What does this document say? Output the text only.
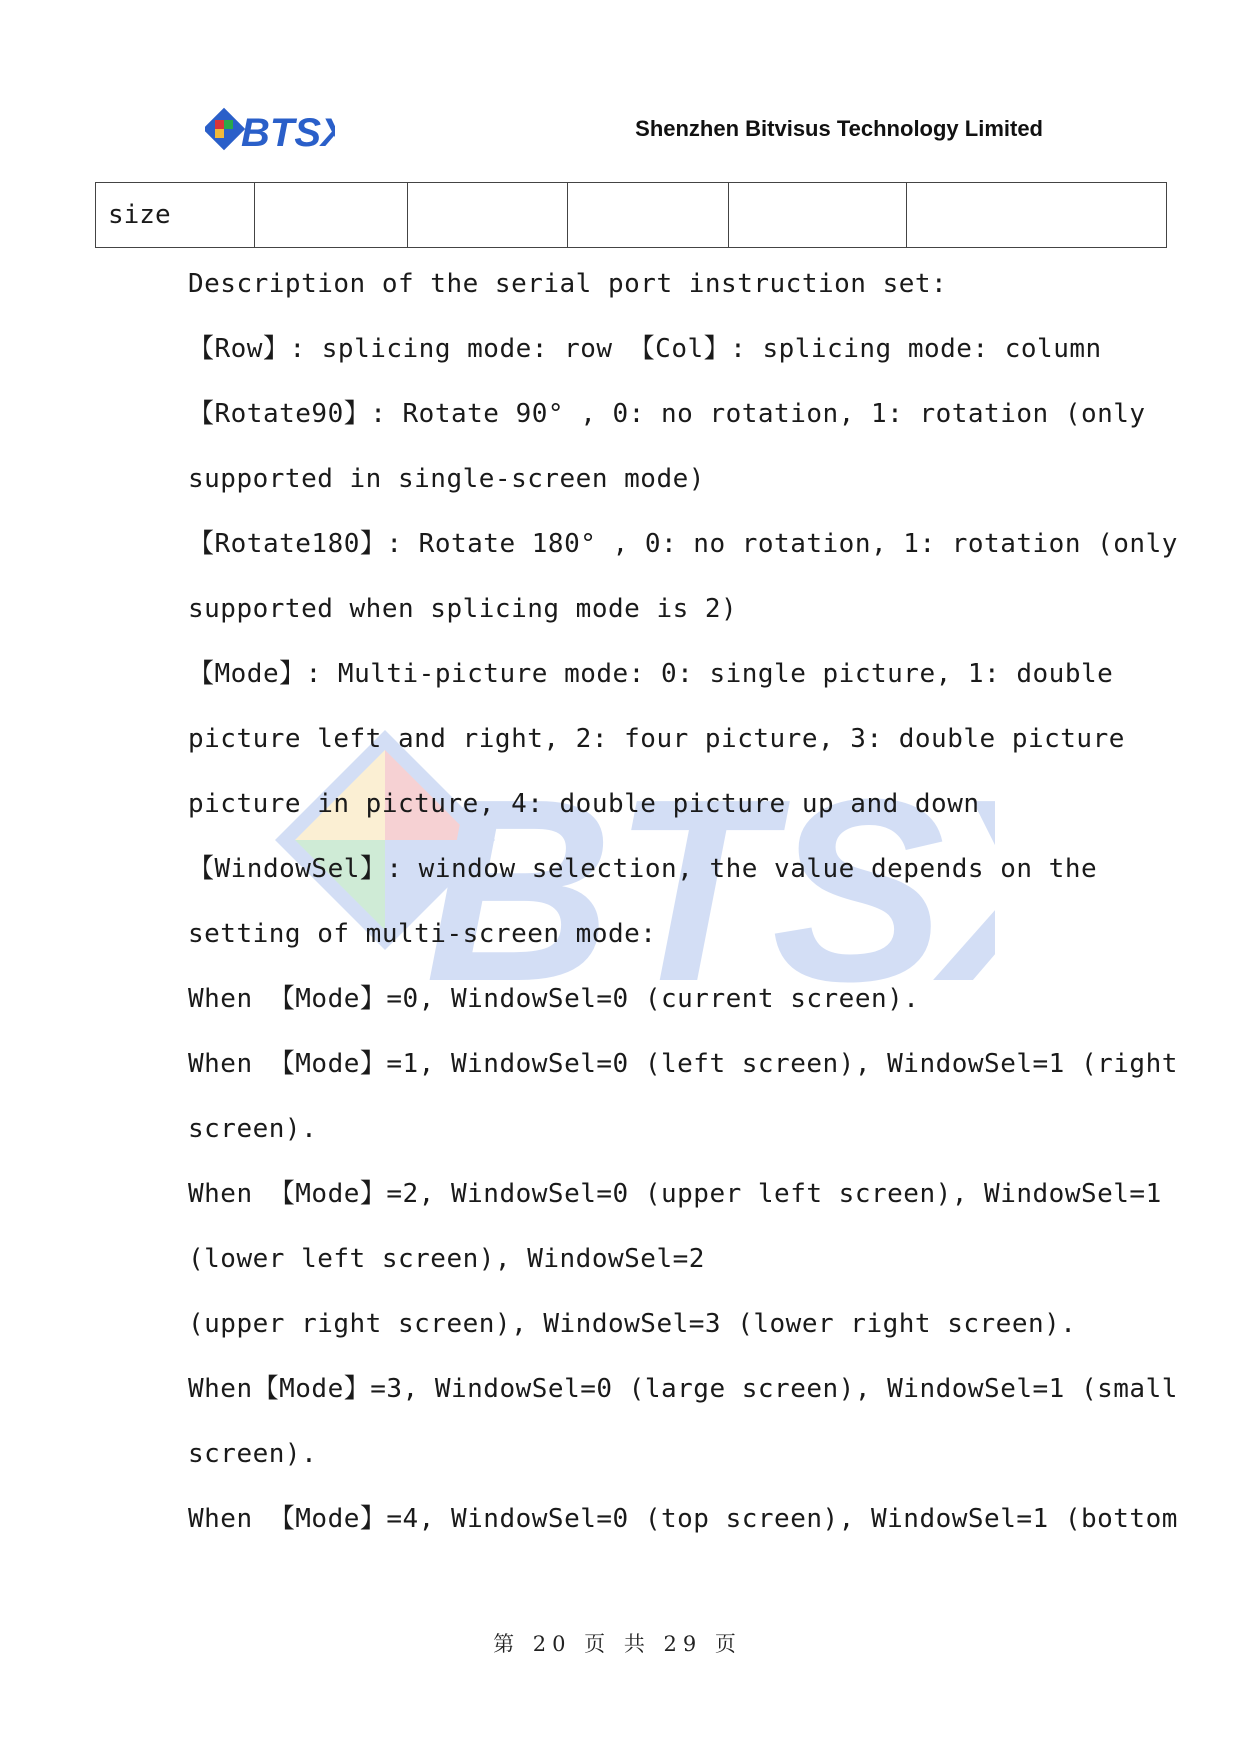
BTS	Shenzhen Bitvisus Technology Limited
size
BTS
Description of the serial port instruction set:
【Row】: splicing mode: row 【Col】: splicing mode: column
【Rotate90】: Rotate 90° , 0: no rotation, 1: rotation (only
supported in single-screen mode)
【Rotate180】: Rotate 180° , 0: no rotation, 1: rotation (only
supported when splicing mode is 2)
【Mode】: Multi-picture mode: 0: single picture, 1: double
picture left and right, 2: four picture, 3: double picture
picture in picture, 4: double picture up and down
【WindowSel】: window selection, the value depends on the
setting of multi-screen mode:
When 【Mode】=0, WindowSel=0 (current screen).
When 【Mode】=1, WindowSel=0 (left screen), WindowSel=1 (right
screen).
When 【Mode】=2, WindowSel=0 (upper left screen), WindowSel=1
(lower left screen), WindowSel=2
(upper right screen), WindowSel=3 (lower right screen).
When【Mode】=3, WindowSel=0 (large screen), WindowSel=1 (small
screen).
When 【Mode】=4, WindowSel=0 (top screen), WindowSel=1 (bottom
第 20 页 共 29 页
